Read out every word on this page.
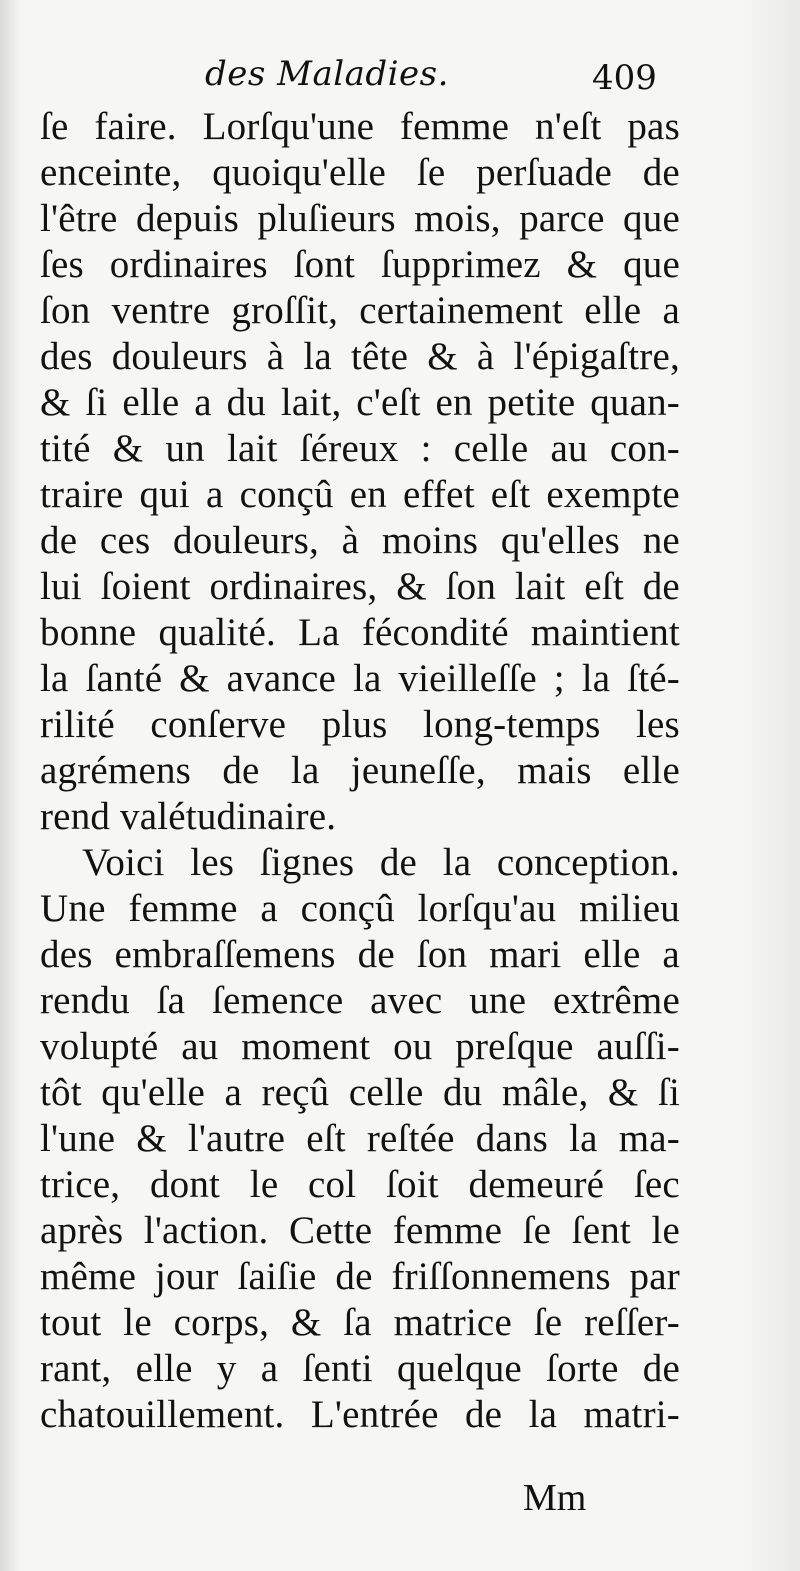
des Maladies.	409
ſe faire. Lorſqu'une femme n'eſt pas
enceinte, quoiqu'elle ſe perſuade de
l'être depuis pluſieurs mois, parce que
ſes ordinaires ſont ſupprimez & que
ſon ventre groſſit, certainement elle a
des douleurs à la tête & à l'épigaſtre,
& ſi elle a du lait, c'eſt en petite quan-
tité & un lait ſéreux : celle au con-
traire qui a conçû en effet eſt exempte
de ces douleurs, à moins qu'elles ne
lui ſoient ordinaires, & ſon lait eſt de
bonne qualité. La fécondité maintient
la ſanté & avance la vieilleſſe ; la ſté-
rilité conſerve plus long-temps les
agrémens de la jeuneſſe, mais elle
rend valétudinaire.
Voici les ſignes de la conception.
Une femme a conçû lorſqu'au milieu
des embraſſemens de ſon mari elle a
rendu ſa ſemence avec une extrême
volupté au moment ou preſque auſſi-
tôt qu'elle a reçû celle du mâle, & ſi
l'une & l'autre eſt reſtée dans la ma-
trice, dont le col ſoit demeuré ſec
après l'action. Cette femme ſe ſent le
même jour ſaiſie de friſſonnemens par
tout le corps, & ſa matrice ſe reſſer-
rant, elle y a ſenti quelque ſorte de
chatouillement. L'entrée de la matri-
Mm
